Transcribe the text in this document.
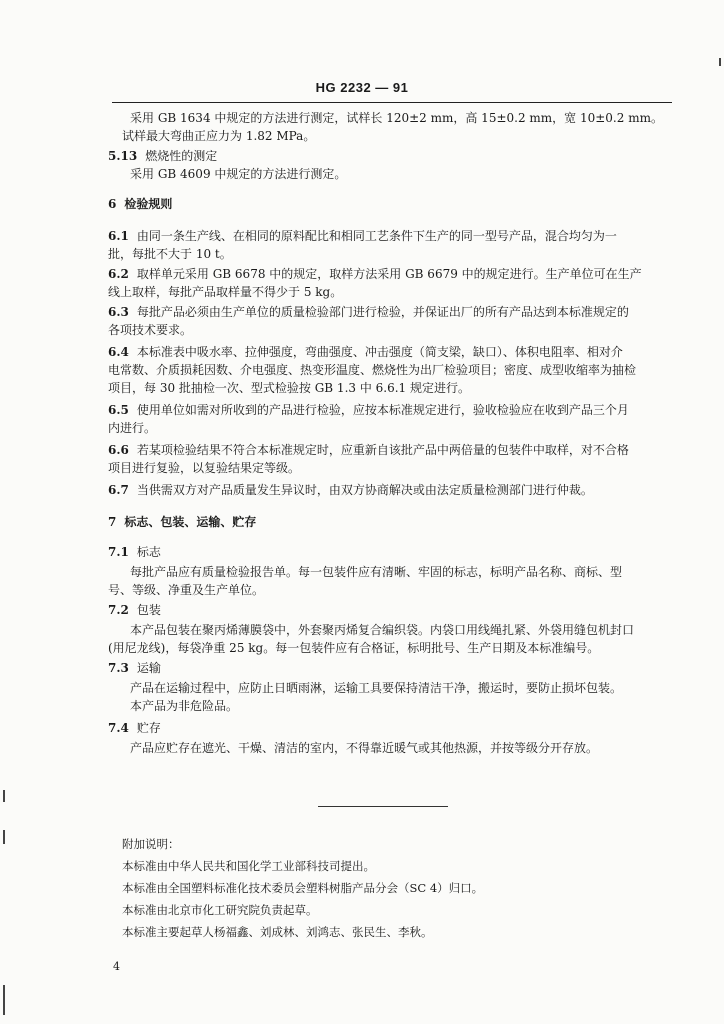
HG 2232 — 91
采用 GB 1634 中规定的方法进行测定，试样长 120±2 mm，高 15±0.2 mm，宽 10±0.2 mm。
试样最大弯曲正应力为 1.82 MPa。
5.13 燃烧性的测定
采用 GB 4609 中规定的方法进行测定。
6 检验规则
6.1 由同一条生产线、在相同的原料配比和相同工艺条件下生产的同一型号产品，混合均匀为一
批，每批不大于 10 t。
6.2 取样单元采用 GB 6678 中的规定，取样方法采用 GB 6679 中的规定进行。生产单位可在生产
线上取样，每批产品取样量不得少于 5 kg。
6.3 每批产品必须由生产单位的质量检验部门进行检验，并保证出厂的所有产品达到本标准规定的
各项技术要求。
6.4 本标准表中吸水率、拉伸强度，弯曲强度、冲击强度（简支梁，缺口）、体积电阻率、相对介
电常数、介质损耗因数、介电强度、热变形温度、燃烧性为出厂检验项目；密度、成型收缩率为抽检
项目，每 30 批抽检一次、型式检验按 GB 1.3 中 6.6.1 规定进行。
6.5 使用单位如需对所收到的产品进行检验，应按本标准规定进行，验收检验应在收到产品三个月
内进行。
6.6 若某项检验结果不符合本标准规定时，应重新自该批产品中两倍量的包装件中取样，对不合格
项目进行复验，以复验结果定等级。
6.7 当供需双方对产品质量发生异议时，由双方协商解决或由法定质量检测部门进行仲裁。
7 标志、包装、运输、贮存
7.1 标志
每批产品应有质量检验报告单。每一包装件应有清晰、牢固的标志，标明产品名称、商标、型
号、等级、净重及生产单位。
7.2 包装
本产品包装在聚丙烯薄膜袋中，外套聚丙烯复合编织袋。内袋口用线绳扎紧、外袋用缝包机封口
(用尼龙线)，每袋净重 25 kg。每一包装件应有合格证，标明批号、生产日期及本标准编号。
7.3 运输
产品在运输过程中，应防止日晒雨淋，运输工具要保持清洁干净，搬运时，要防止损坏包装。
本产品为非危险品。
7.4 贮存
产品应贮存在遮光、干燥、清洁的室内，不得靠近暖气或其他热源，并按等级分开存放。
附加说明：
本标准由中华人民共和国化学工业部科技司提出。
本标准由全国塑料标准化技术委员会塑料树脂产品分会（SC 4）归口。
本标准由北京市化工研究院负责起草。
本标准主要起草人杨福鑫、刘成林、刘鸿志、张民生、李秋。
4
